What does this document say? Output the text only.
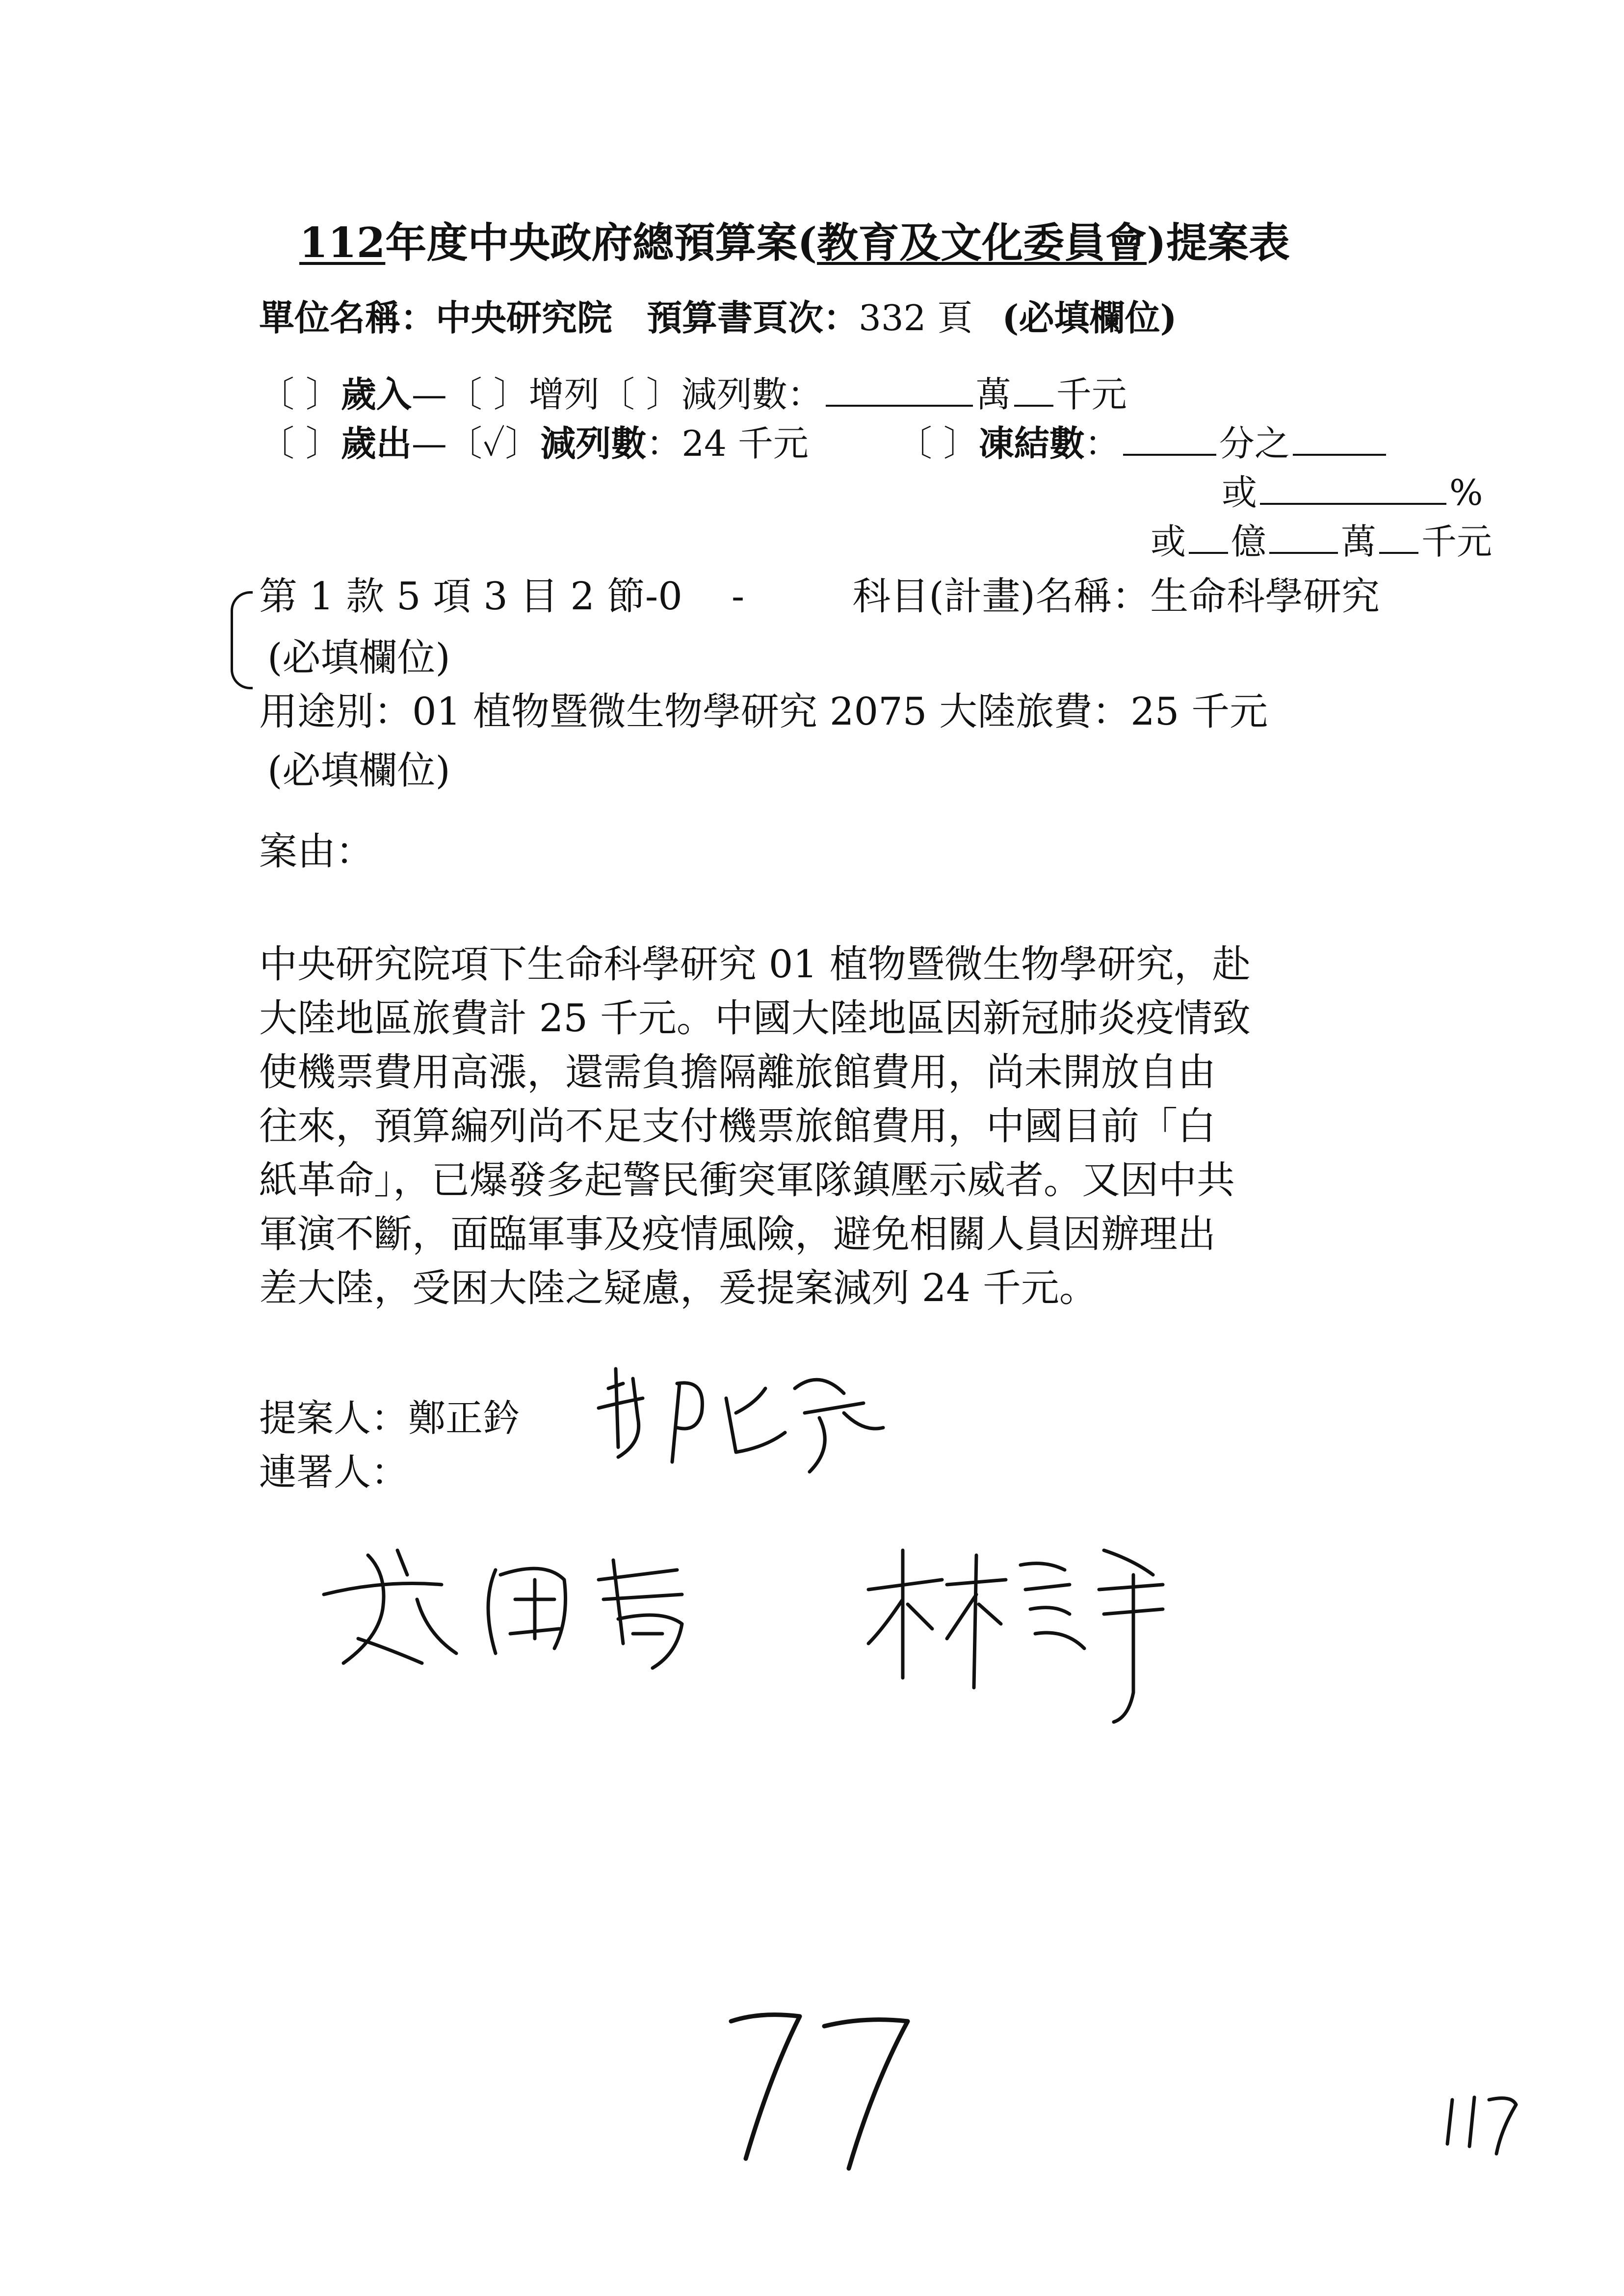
112年度中央政府總預算案(教育及文化委員會)提案表
單位名稱：中央研究院 預算書頁次：332 頁 (必填欄位)
〔 〕歲入—〔 〕增列〔 〕減列數：	萬 千元
〔 〕歲出—〔✓〕減列數：24 千元	〔 〕凍結數：	分之
或	%
或 億 萬 千元
第 1 款 5 項 3 目 2 節-0 -	科目(計畫)名稱：生命科學研究
(必填欄位)
用途別：01 植物暨微生物學研究 2075 大陸旅費：25 千元
(必填欄位)
案由：
中央研究院項下生命科學研究 01 植物暨微生物學研究，赴
大陸地區旅費計 25 千元。中國大陸地區因新冠肺炎疫情致
使機票費用高漲，還需負擔隔離旅館費用，尚未開放自由
往來，預算編列尚不足支付機票旅館費用，中國目前「白
紙革命」，已爆發多起警民衝突軍隊鎮壓示威者。又因中共
軍演不斷，面臨軍事及疫情風險，避免相關人員因辦理出
差大陸，受困大陸之疑慮，爰提案減列 24 千元。
提案人：鄭正鈐
連署人：
